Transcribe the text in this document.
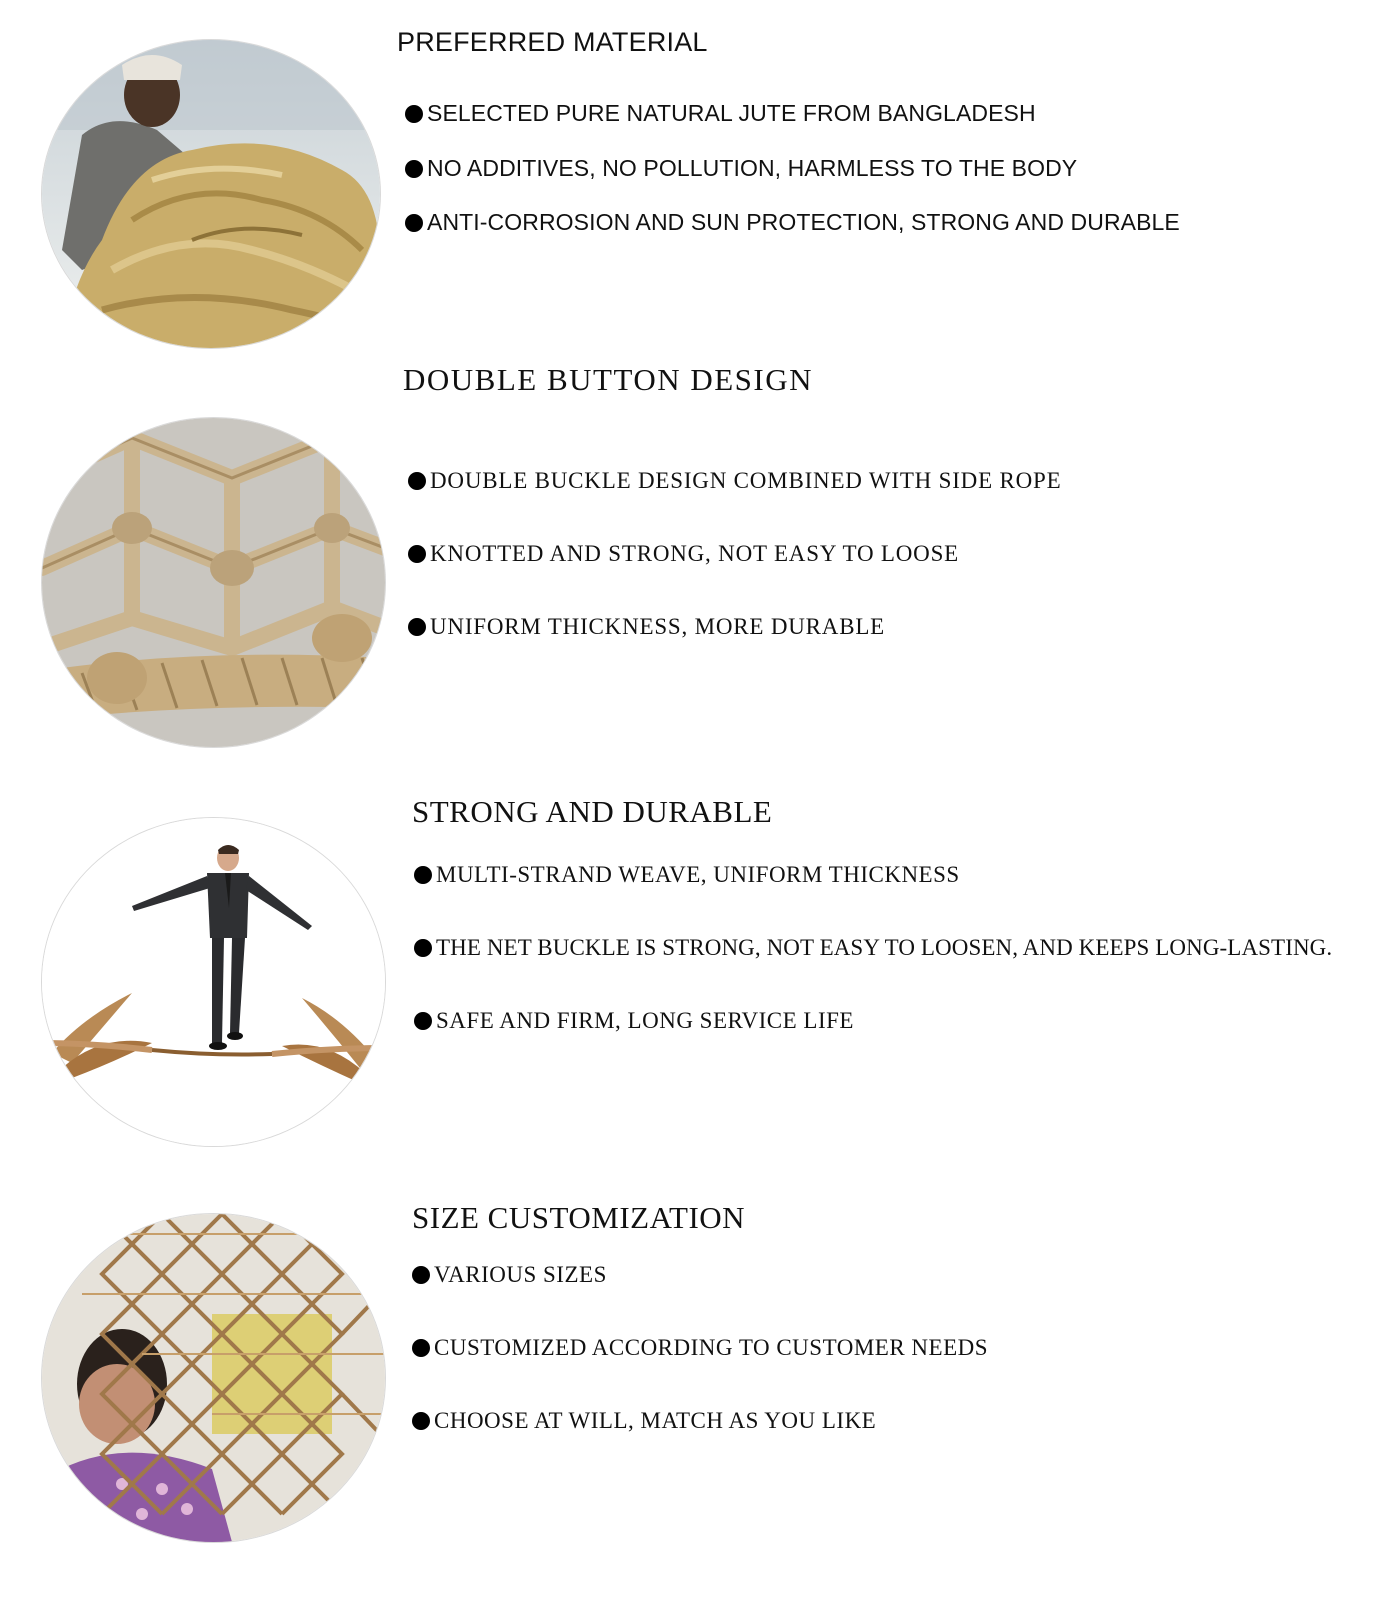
PREFERRED MATERIAL
SELECTED PURE NATURAL JUTE FROM BANGLADESH
NO ADDITIVES, NO POLLUTION, HARMLESS TO THE BODY
ANTI-CORROSION AND SUN PROTECTION, STRONG AND DURABLE
DOUBLE BUTTON DESIGN
DOUBLE BUCKLE DESIGN COMBINED WITH SIDE ROPE
KNOTTED AND STRONG, NOT EASY TO LOOSE
UNIFORM THICKNESS, MORE DURABLE
STRONG AND DURABLE
MULTI-STRAND WEAVE, UNIFORM THICKNESS
THE NET BUCKLE IS STRONG, NOT EASY TO LOOSEN, AND KEEPS LONG-LASTING.
SAFE AND FIRM, LONG SERVICE LIFE
SIZE CUSTOMIZATION
VARIOUS SIZES
CUSTOMIZED ACCORDING TO CUSTOMER NEEDS
CHOOSE AT WILL, MATCH AS YOU LIKE
